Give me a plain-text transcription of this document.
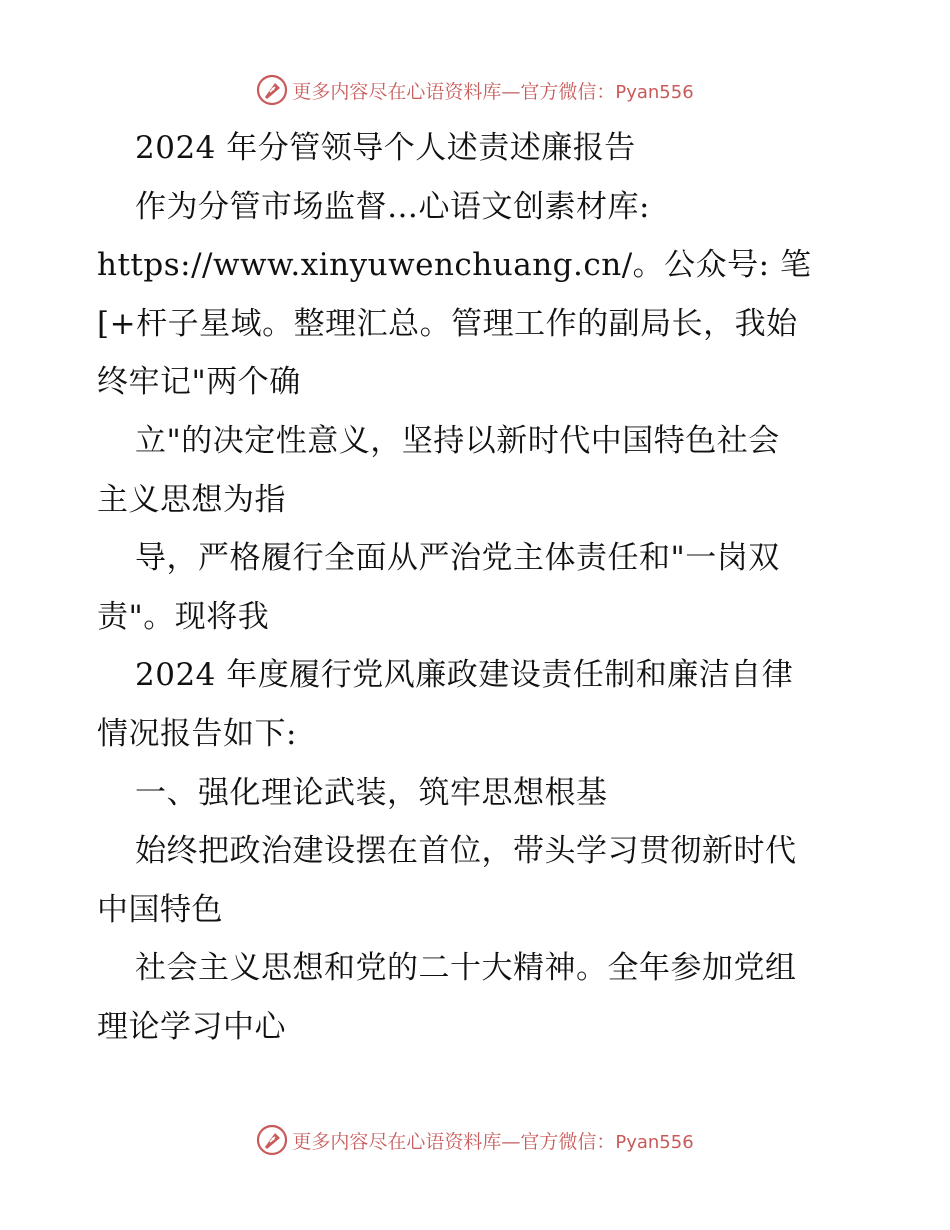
更多内容尽在心语资料库—官方微信：Pyan556
2024 年分管领导个人述责述廉报告
作为分管市场监督…心语文创素材库:
https://www.xinyuwenchuang.cn/。公众号: 笔
[+杆子星域。整理汇总。管理工作的副局长，我始
终牢记"两个确
立"的决定性意义，坚持以新时代中国特色社会
主义思想为指
导，严格履行全面从严治党主体责任和"一岗双
责"。现将我
2024 年度履行党风廉政建设责任制和廉洁自律
情况报告如下:
一、强化理论武装，筑牢思想根基
始终把政治建设摆在首位，带头学习贯彻新时代
中国特色
社会主义思想和党的二十大精神。全年参加党组
理论学习中心
更多内容尽在心语资料库—官方微信：Pyan556
